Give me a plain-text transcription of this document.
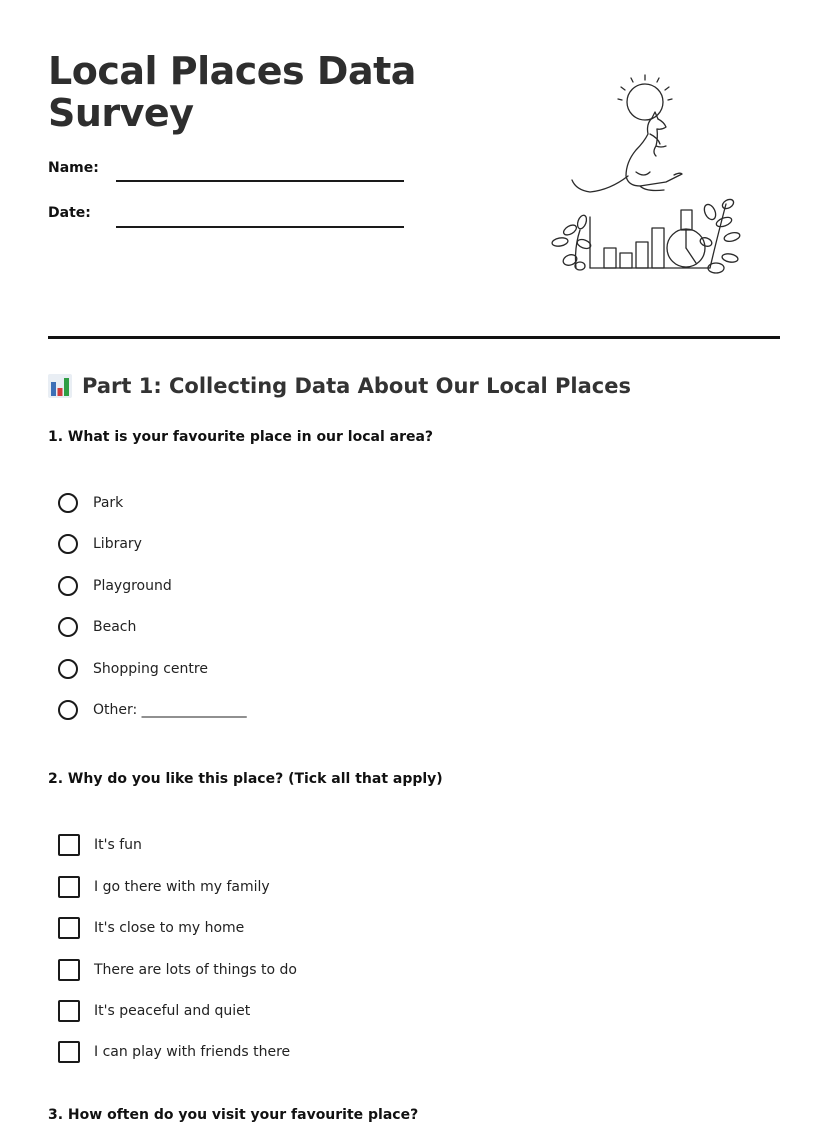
Local Places Data Survey
Name:
Date:
Part 1: Collecting Data About Our Local Places

1. What is your favourite place in our local area?

Park
Library
Playground
Beach
Shopping centre
Other: _______________

2. Why do you like this place? (Tick all that apply)

It's fun
I go there with my family
It's close to my home
There are lots of things to do
It's peaceful and quiet
I can play with friends there

3. How often do you visit your favourite place?
